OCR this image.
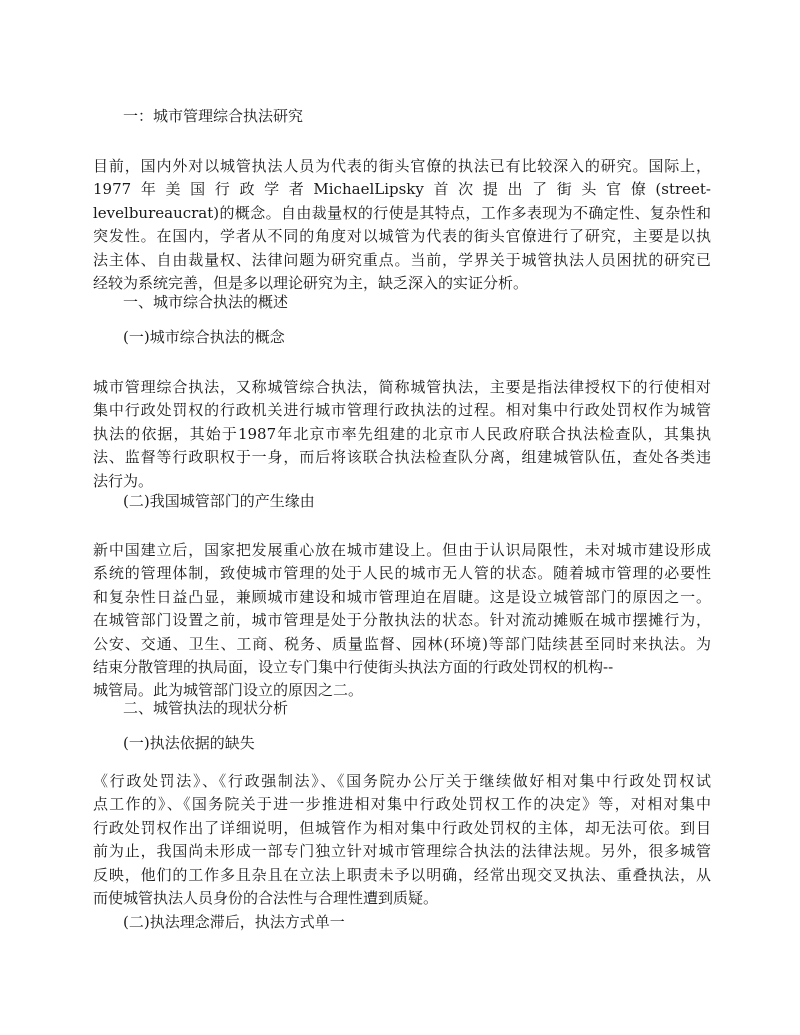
一：城市管理综合执法研究

目前，国内外对以城管执法人员为代表的街头官僚的执法已有比较深入的研究。国际上，
1977年美国行政学者MichaelLipsky首次提出了街头官僚(street-
levelbureaucrat)的概念。自由裁量权的行使是其特点，工作多表现为不确定性、复杂性和
突发性。在国内，学者从不同的角度对以城管为代表的街头官僚进行了研究，主要是以执
法主体、自由裁量权、法律问题为研究重点。当前，学界关于城管执法人员困扰的研究已
经较为系统完善，但是多以理论研究为主，缺乏深入的实证分析。

一、城市综合执法的概述

(一)城市综合执法的概念

城市管理综合执法，又称城管综合执法，简称城管执法，主要是指法律授权下的行使相对
集中行政处罚权的行政机关进行城市管理行政执法的过程。相对集中行政处罚权作为城管
执法的依据，其始于1987年北京市率先组建的北京市人民政府联合执法检查队，其集执
法、监督等行政职权于一身，而后将该联合执法检查队分离，组建城管队伍，查处各类违
法行为。

(二)我国城管部门的产生缘由

新中国建立后，国家把发展重心放在城市建设上。但由于认识局限性，未对城市建设形成
系统的管理体制，致使城市管理的处于人民的城市无人管的状态。随着城市管理的必要性
和复杂性日益凸显，兼顾城市建设和城市管理迫在眉睫。这是设立城管部门的原因之一。
在城管部门设置之前，城市管理是处于分散执法的状态。针对流动摊贩在城市摆摊行为，
公安、交通、卫生、工商、税务、质量监督、园林(环境)等部门陆续甚至同时来执法。为
结束分散管理的执局面，设立专门集中行使街头执法方面的行政处罚权的机构--
城管局。此为城管部门设立的原因之二。

二、城管执法的现状分析

(一)执法依据的缺失

《行政处罚法》、《行政强制法》、《国务院办公厅关于继续做好相对集中行政处罚权试
点工作的》、《国务院关于进一步推进相对集中行政处罚权工作的决定》等，对相对集中
行政处罚权作出了详细说明，但城管作为相对集中行政处罚权的主体，却无法可依。到目
前为止，我国尚未形成一部专门独立针对城市管理综合执法的法律法规。另外，很多城管
反映，他们的工作多且杂且在立法上职责未予以明确，经常出现交叉执法、重叠执法，从
而使城管执法人员身份的合法性与合理性遭到质疑。

(二)执法理念滞后，执法方式单一
